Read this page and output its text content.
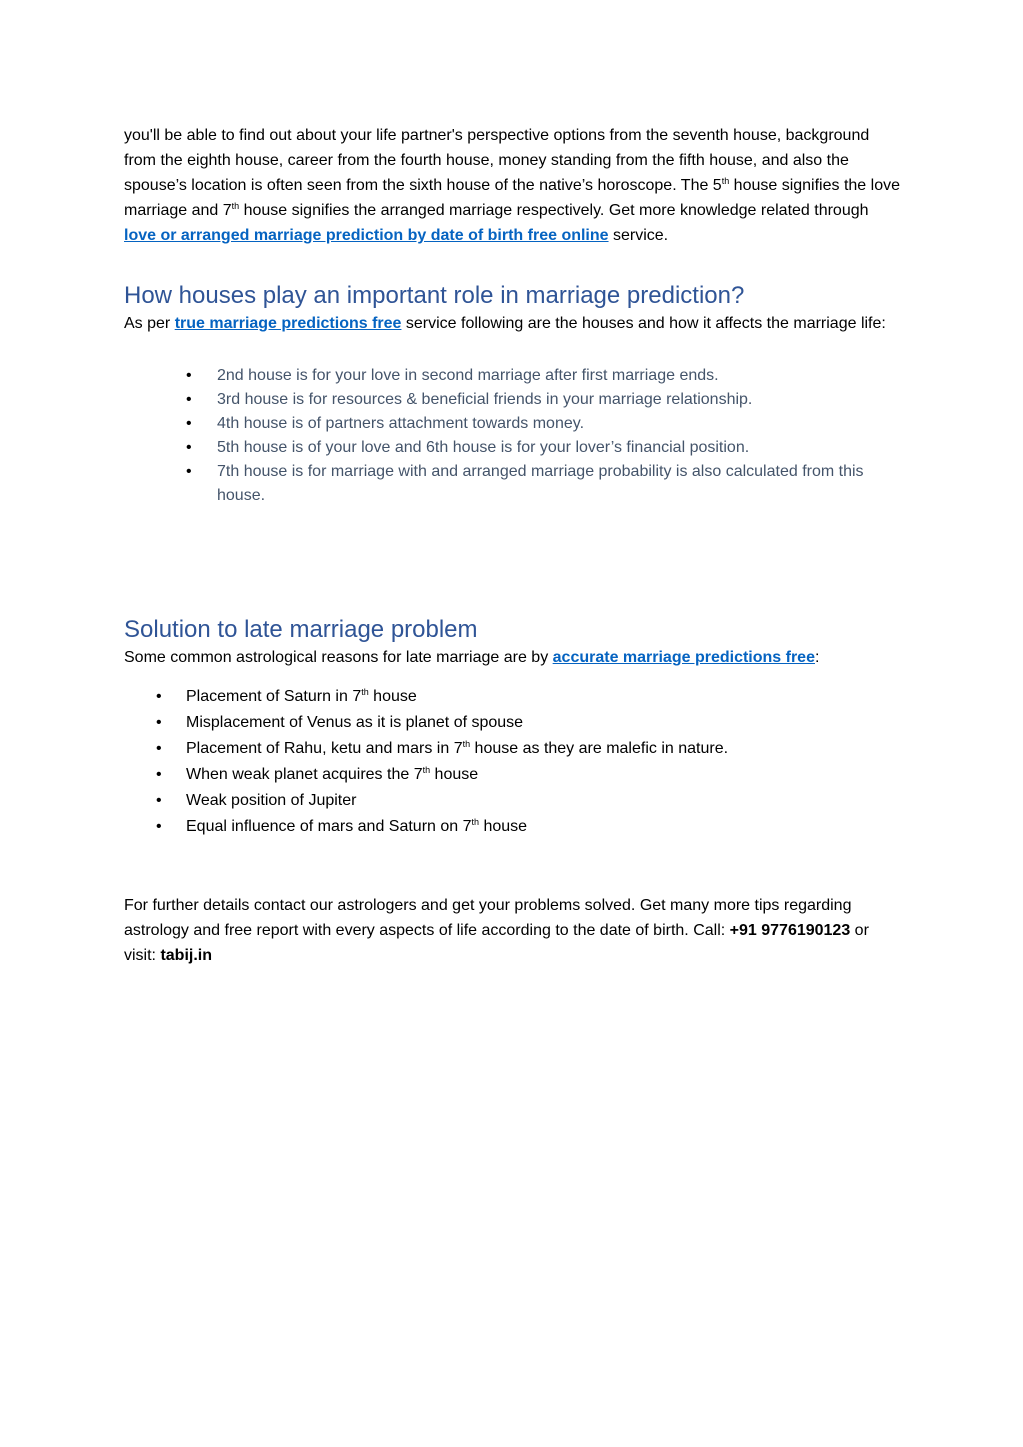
you'll be able to find out about your life partner's perspective options from the seventh house, background from the eighth house, career from the fourth house, money standing from the fifth house, and also the spouse’s location is often seen from the sixth house of the native’s horoscope. The 5th house signifies the love marriage and 7th house signifies the arranged marriage respectively. Get more knowledge related through love or arranged marriage prediction by date of birth free online service.

How houses play an important role in marriage prediction?

As per true marriage predictions free service following are the houses and how it affects the marriage life:

• 2nd house is for your love in second marriage after first marriage ends.
• 3rd house is for resources & beneficial friends in your marriage relationship.
• 4th house is of partners attachment towards money.
• 5th house is of your love and 6th house is for your lover’s financial position.
• 7th house is for marriage with and arranged marriage probability is also calculated from this house.
Solution to late marriage problem

Some common astrological reasons for late marriage are by accurate marriage predictions free:

• Placement of Saturn in 7th house
• Misplacement of Venus as it is planet of spouse
• Placement of Rahu, ketu and mars in 7th house as they are malefic in nature.
• When weak planet acquires the 7th house
• Weak position of Jupiter
• Equal influence of mars and Saturn on 7th house

For further details contact our astrologers and get your problems solved. Get many more tips regarding astrology and free report with every aspects of life according to the date of birth. Call: +91 9776190123 or visit: tabij.in
